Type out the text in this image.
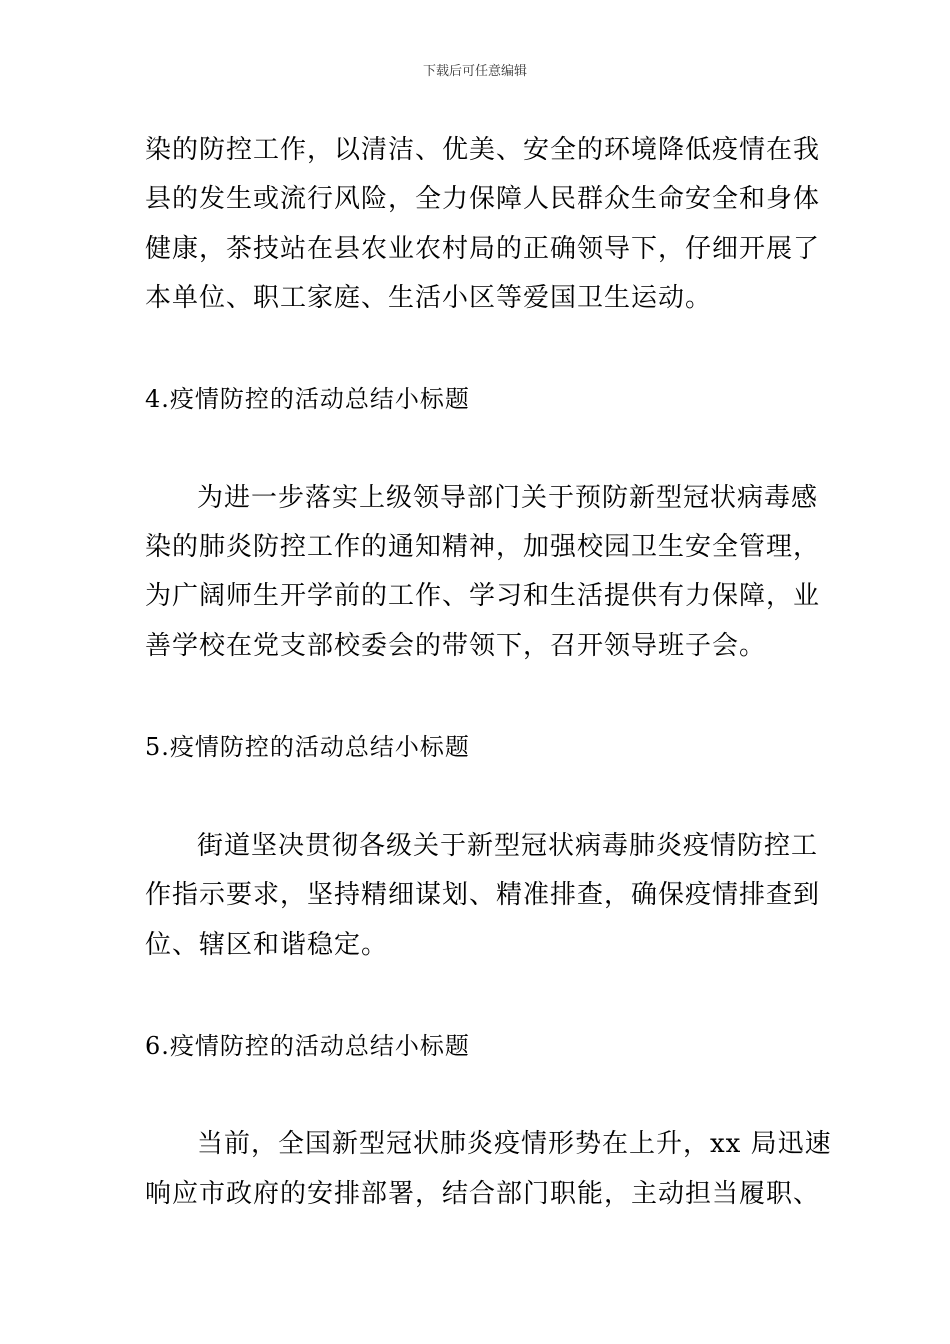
下载后可任意编辑
染的防控工作，以清洁、优美、安全的环境降低疫情在我
县的发生或流行风险，全力保障人民群众生命安全和身体
健康，茶技站在县农业农村局的正确领导下，仔细开展了
本单位、职工家庭、生活小区等爱国卫生运动。
4.疫情防控的活动总结小标题
为进一步落实上级领导部门关于预防新型冠状病毒感
染的肺炎防控工作的通知精神，加强校园卫生安全管理，
为广阔师生开学前的工作、学习和生活提供有力保障，业
善学校在党支部校委会的带领下，召开领导班子会。
5.疫情防控的活动总结小标题
街道坚决贯彻各级关于新型冠状病毒肺炎疫情防控工
作指示要求，坚持精细谋划、精准排查，确保疫情排查到
位、辖区和谐稳定。
6.疫情防控的活动总结小标题
当前，全国新型冠状肺炎疫情形势在上升，xx 局迅速
响应市政府的安排部署，结合部门职能，主动担当履职、
